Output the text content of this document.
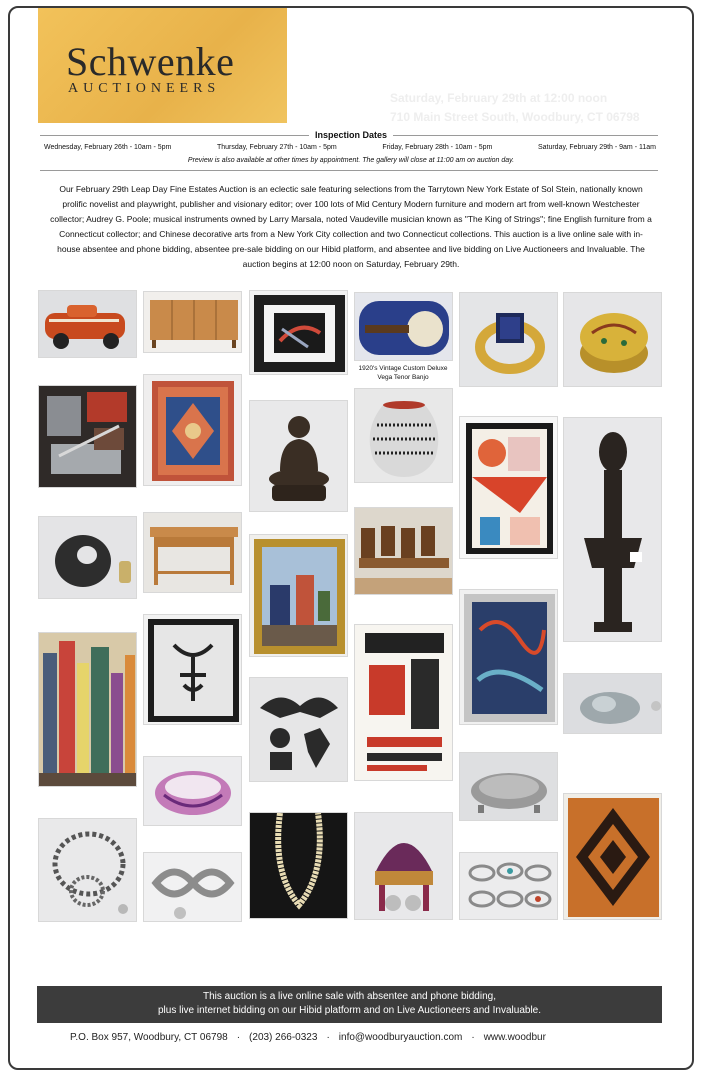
Schwenke
AUCTIONEERS
Saturday, February 29th at 12:00 noon
710 Main Street South, Woodbury, CT 06798
Inspection Dates
Wednesday, February 26th - 10am - 5pm	Thursday, February 27th - 10am - 5pm	Friday, February 28th - 10am - 5pm	Saturday, February 29th - 9am - 11am
Preview is also available at other times by appointment. The gallery will close at 11:00 am on auction day.
Our February 29th Leap Day Fine Estates Auction is an eclectic sale featuring selections from the Tarrytown New York Estate of Sol Stein, nationally known prolific novelist and playwright, publisher and visionary editor; over 100 lots of Mid Century Modern furniture and modern art from well-known Westchester collector; Audrey G. Poole; musical instruments owned by Larry Marsala, noted Vaudeville musician known as "The King of Strings"; fine English furniture from a Connecticut collector; and Chinese decorative arts from a New York City collection and two Connecticut collections. This auction is a live online sale with in-house absentee and phone bidding, absentee pre-sale bidding on our Hibid platform, and absentee and live bidding on Live Auctioneers and Invaluable. The auction begins at 12:00 noon on Saturday, February 29th.
1920's Vintage Custom Deluxe Vega Tenor Banjo
This auction is a live online sale with absentee and phone bidding,
plus live internet bidding on our Hibid platform and on Live Auctioneers and Invaluable.
P.O. Box 957, Woodbury, CT 06798 · (203) 266-0323 · info@woodburyauction.com · www.woodbur
